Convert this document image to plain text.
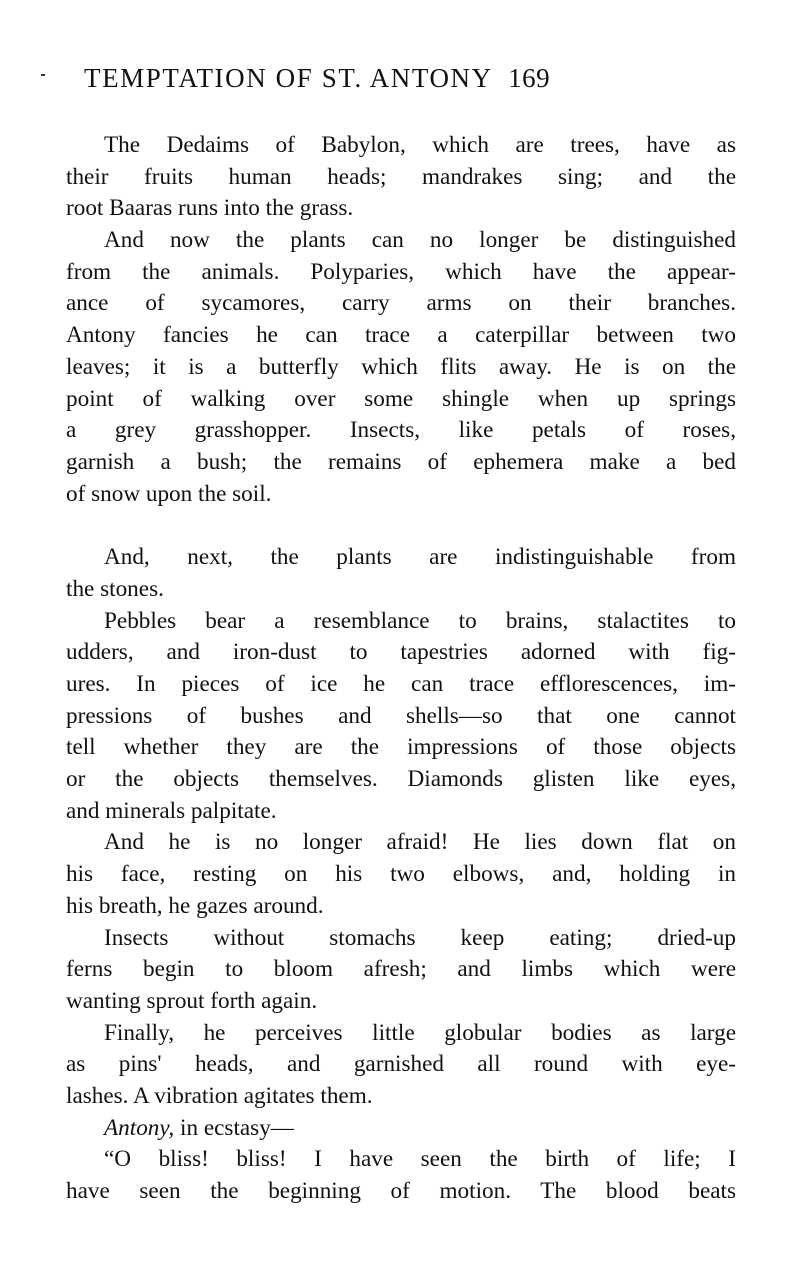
TEMPTATION OF ST. ANTONY 169
The Dedaims of Babylon, which are trees, have as
their fruits human heads; mandrakes sing; and the
root Baaras runs into the grass.
And now the plants can no longer be distinguished
from the animals. Polyparies, which have the appear-
ance of sycamores, carry arms on their branches.
Antony fancies he can trace a caterpillar between two
leaves; it is a butterfly which flits away. He is on the
point of walking over some shingle when up springs
a grey grasshopper. Insects, like petals of roses,
garnish a bush; the remains of ephemera make a bed
of snow upon the soil.
And, next, the plants are indistinguishable from
the stones.
Pebbles bear a resemblance to brains, stalactites to
udders, and iron-dust to tapestries adorned with fig-
ures. In pieces of ice he can trace efflorescences, im-
pressions of bushes and shells—so that one cannot
tell whether they are the impressions of those objects
or the objects themselves. Diamonds glisten like eyes,
and minerals palpitate.
And he is no longer afraid! He lies down flat on
his face, resting on his two elbows, and, holding in
his breath, he gazes around.
Insects without stomachs keep eating; dried-up
ferns begin to bloom afresh; and limbs which were
wanting sprout forth again.
Finally, he perceives little globular bodies as large
as pins' heads, and garnished all round with eye-
lashes. A vibration agitates them.
Antony, in ecstasy—
“O bliss! bliss! I have seen the birth of life; I
have seen the beginning of motion. The blood beats
